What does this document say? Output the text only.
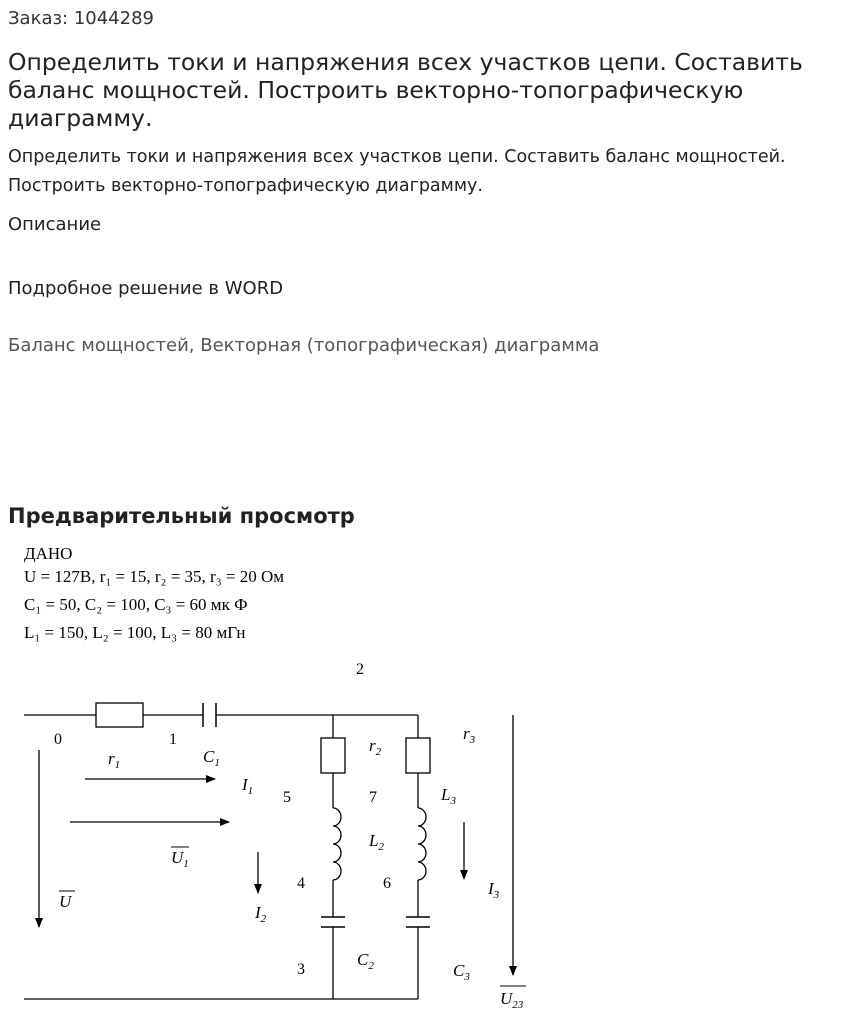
Заказ: 1044289
Определить токи и напряжения всех участков цепи. Составить баланс мощностей. Построить векторно-топографическую диаграмму.
Определить токи и напряжения всех участков цепи. Составить баланс мощностей. Построить векторно-топографическую диаграмму.
Описание
Подробное решение в WORD
Баланс мощностей, Векторная (топографическая) диаграмма
Предварительный просмотр
ДАНО
U = 127B, r₁ = 15, r₂ = 35, r₃ = 20 Ом
C₁ = 50, C₂ = 100, C₃ = 60 мк Ф
L₁ = 150, L₂ = 100, L₃ = 80 мГн
2
0	1
5	7
4	6
3
$r_1$	$C_1$
$r_2$
$r_3$
$I_1$	$L_3$
$L_2$
$U_1$
$I_3$
U
$I_2$
$C_2$	$C_3$
$U_{23}$
